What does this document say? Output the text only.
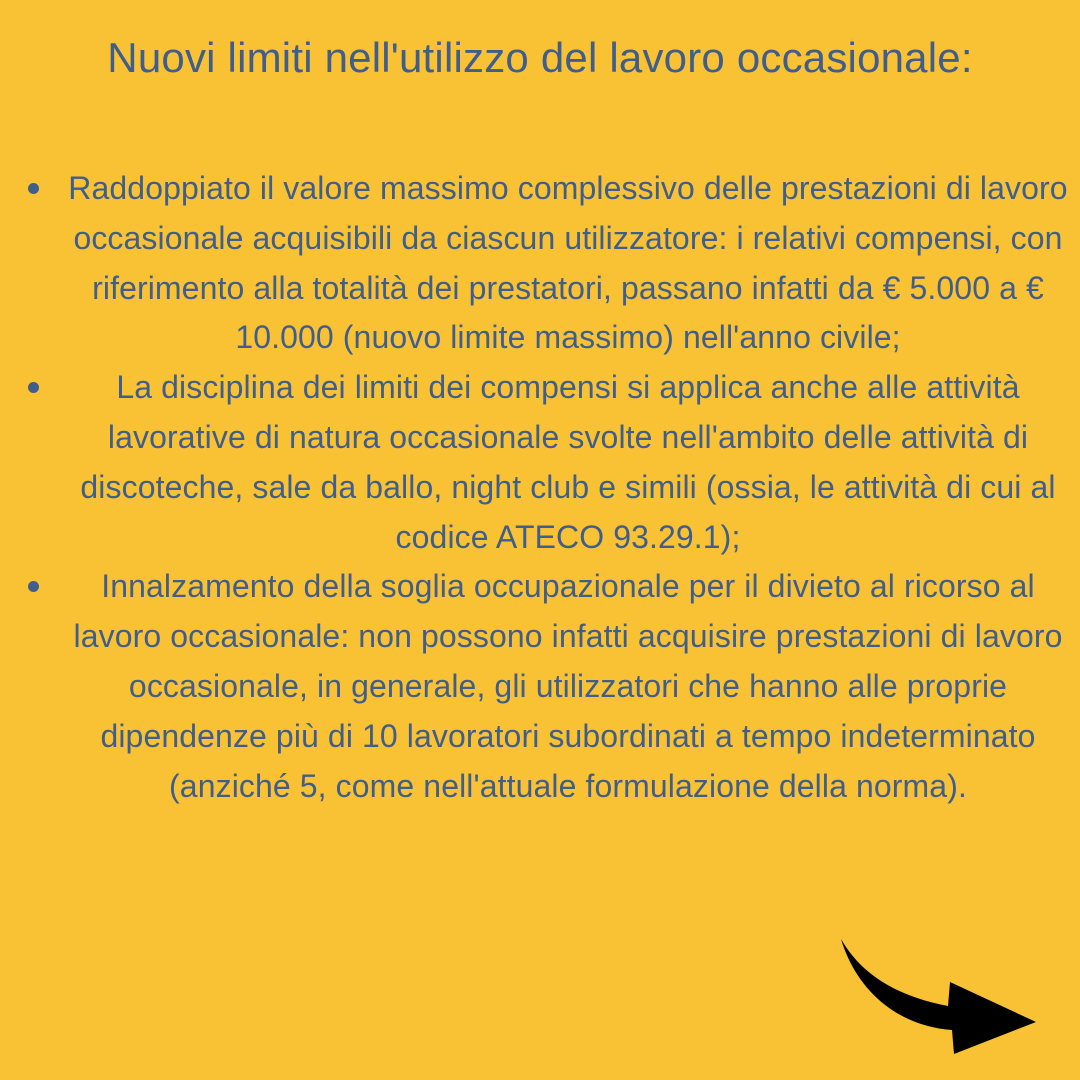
Nuovi limiti nell'utilizzo del lavoro occasionale:
Raddoppiato il valore massimo complessivo delle prestazioni di lavoro occasionale acquisibili da ciascun utilizzatore: i relativi compensi, con riferimento alla totalità dei prestatori, passano infatti da € 5.000 a € 10.000 (nuovo limite massimo) nell'anno civile;
La disciplina dei limiti dei compensi si applica anche alle attività lavorative di natura occasionale svolte nell'ambito delle attività di discoteche, sale da ballo, night club e simili (ossia, le attività di cui al codice ATECO 93.29.1);
Innalzamento della soglia occupazionale per il divieto al ricorso al lavoro occasionale: non possono infatti acquisire prestazioni di lavoro occasionale, in generale, gli utilizzatori che hanno alle proprie dipendenze più di 10 lavoratori subordinati a tempo indeterminato (anziché 5, come nell'attuale formulazione della norma).
